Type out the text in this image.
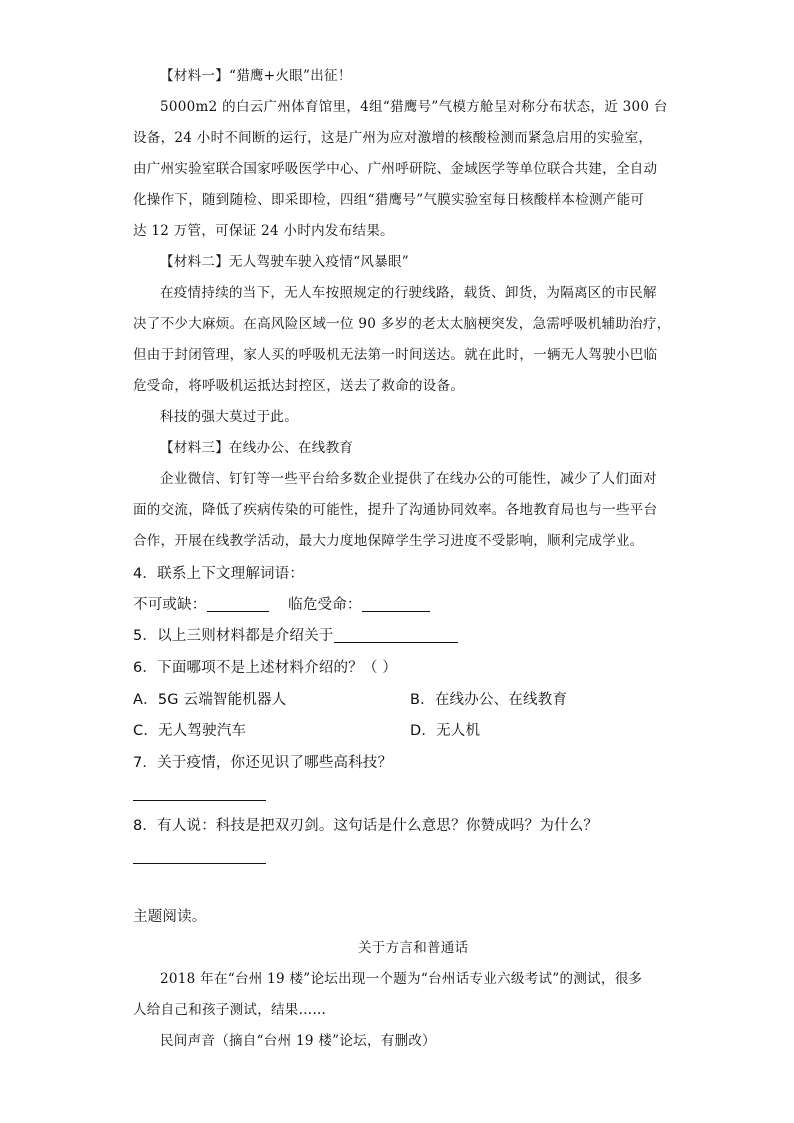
【材料一】“猎鹰+火眼”出征！
5000m2 的白云广州体育馆里，4组“猎鹰号”气模方舱呈对称分布状态，近 300 台
设备，24 小时不间断的运行，这是广州为应对激增的核酸检测而紧急启用的实验室，
由广州实验室联合国家呼吸医学中心、广州呼研院、金域医学等单位联合共建，全自动
化操作下，随到随检、即采即检，四组“猎鹰号”气膜实验室每日核酸样本检测产能可
达 12 万管，可保证 24 小时内发布结果。
【材料二】无人驾驶车驶入疫情“风暴眼”
在疫情持续的当下，无人车按照规定的行驶线路，载货、卸货，为隔离区的市民解
决了不少大麻烦。在高风险区域一位 90 多岁的老太太脑梗突发，急需呼吸机辅助治疗，
但由于封闭管理，家人买的呼吸机无法第一时间送达。就在此时，一辆无人驾驶小巴临
危受命，将呼吸机运抵达封控区，送去了救命的设备。
科技的强大莫过于此。
【材料三】在线办公、在线教育
企业微信、钉钉等一些平台给多数企业提供了在线办公的可能性，减少了人们面对
面的交流，降低了疾病传染的可能性，提升了沟通协同效率。各地教育局也与一些平台
合作，开展在线教学活动，最大力度地保障学生学习进度不受影响，顺利完成学业。
4．联系上下文理解词语：
不可或缺：	临危受命：
5．以上三则材料都是介绍关于
6．下面哪项不是上述材料介绍的？（ ）
A．5G 云端智能机器人	B．在线办公、在线教育
C．无人驾驶汽车	D．无人机
7．关于疫情，你还见识了哪些高科技？
8．有人说：科技是把双刃剑。这句话是什么意思？你赞成吗？为什么？
主题阅读。
关于方言和普通话
2018 年在“台州 19 楼”论坛出现一个题为“台州话专业六级考试”的测试，很多
人给自己和孩子测试，结果……
民间声音（摘自“台州 19 楼”论坛，有删改）
